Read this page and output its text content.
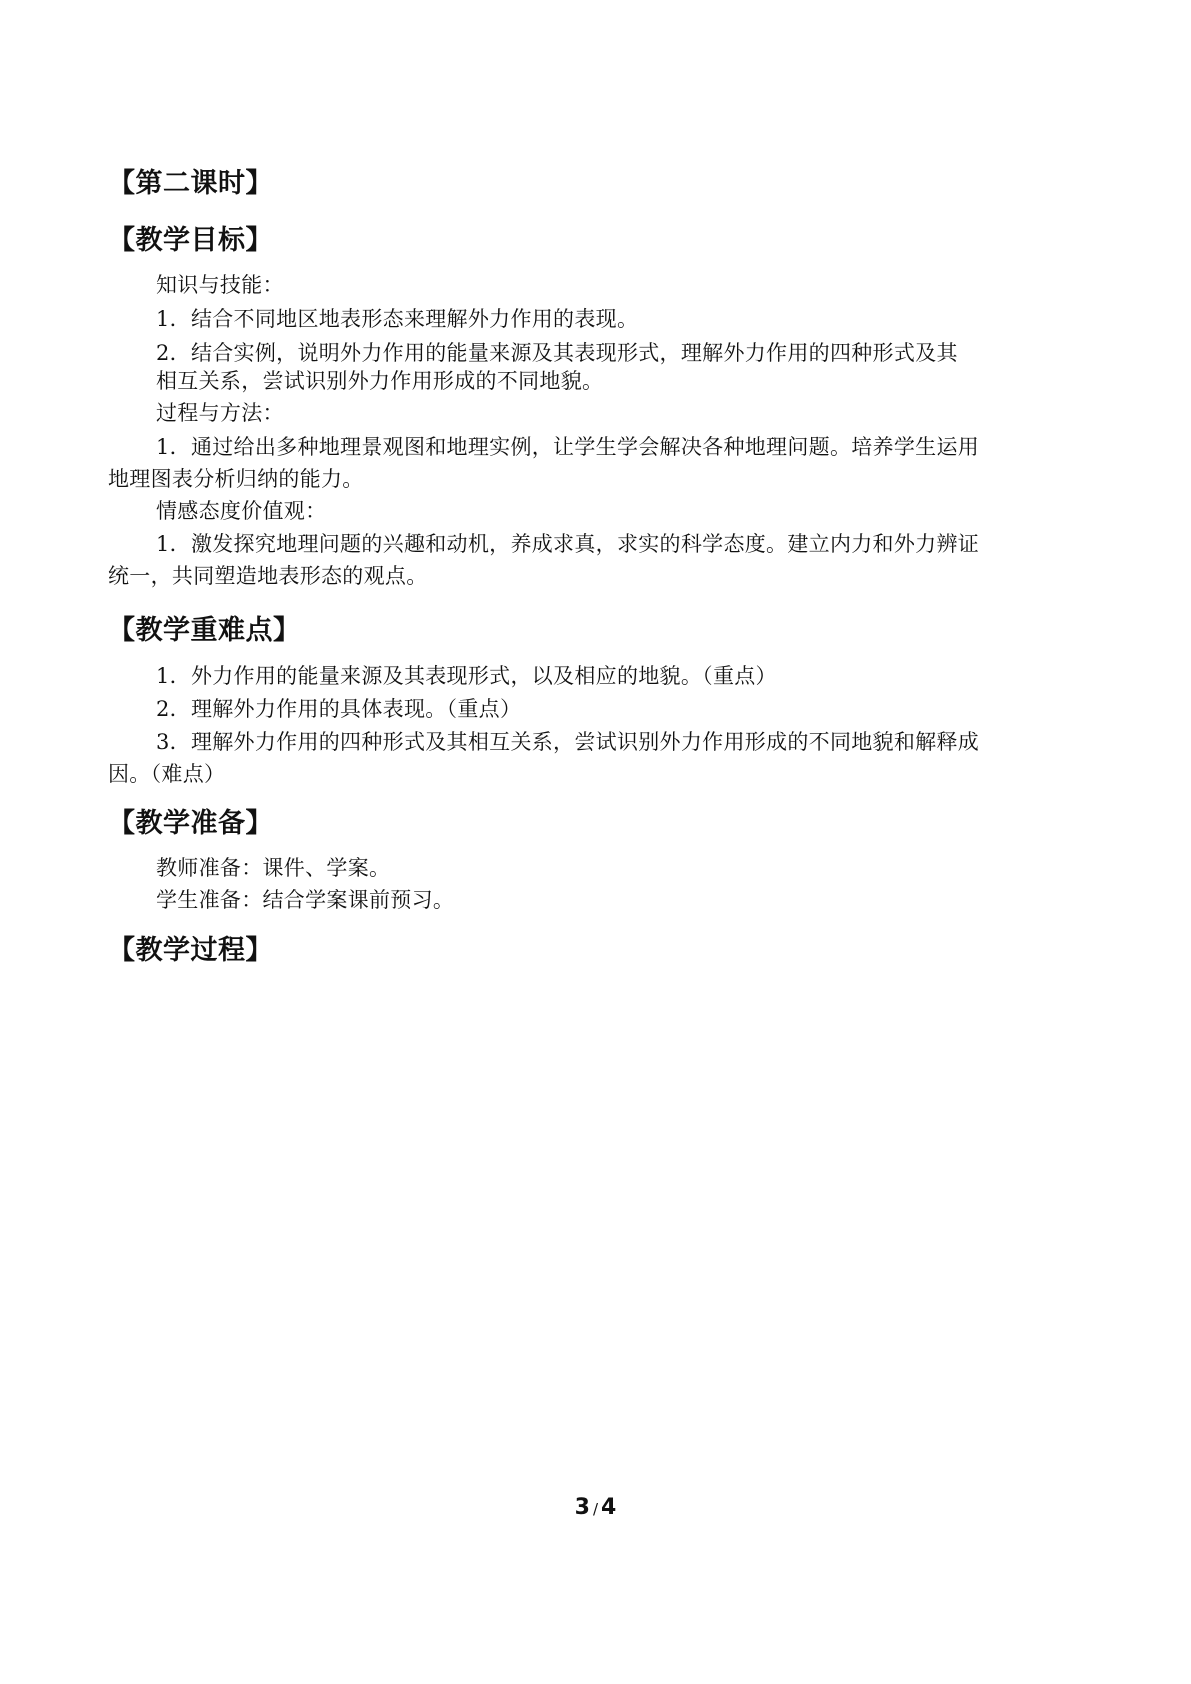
【第二课时】
【教学目标】
知识与技能：
1．结合不同地区地表形态来理解外力作用的表现。
2．结合实例，说明外力作用的能量来源及其表现形式，理解外力作用的四种形式及其
相互关系，尝试识别外力作用形成的不同地貌。
过程与方法：
1．通过给出多种地理景观图和地理实例，让学生学会解决各种地理问题。培养学生运用
地理图表分析归纳的能力。
情感态度价值观：
1．激发探究地理问题的兴趣和动机，养成求真，求实的科学态度。建立内力和外力辨证
统一，共同塑造地表形态的观点。
【教学重难点】
1．外力作用的能量来源及其表现形式，以及相应的地貌。（重点）
2．理解外力作用的具体表现。（重点）
3．理解外力作用的四种形式及其相互关系，尝试识别外力作用形成的不同地貌和解释成
因。（难点）
【教学准备】
教师准备：课件、学案。
学生准备：结合学案课前预习。
【教学过程】
3 / 4
